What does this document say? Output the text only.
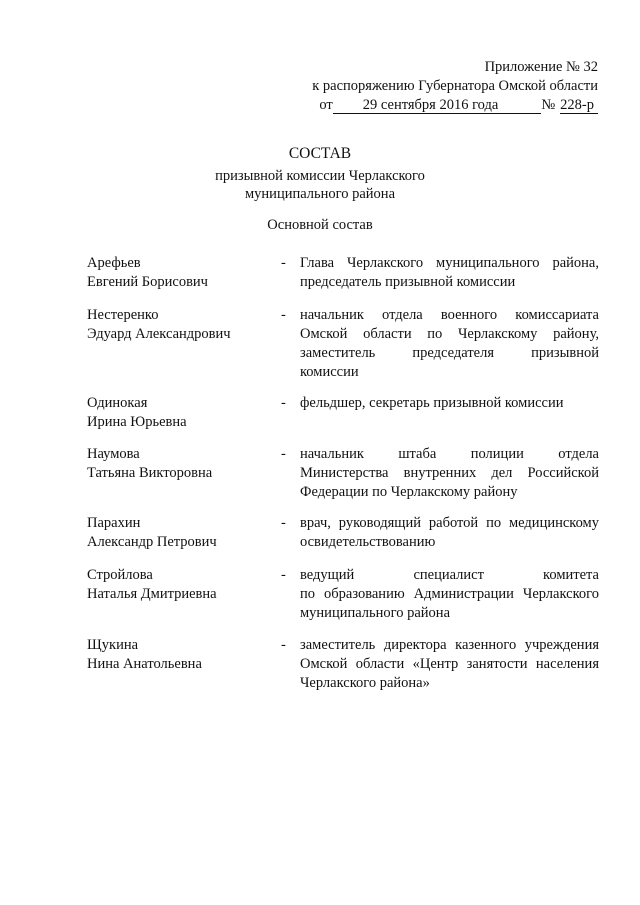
Приложение № 32
к распоряжению Губернатора Омской области
от 29 сентября 2016 года	№ 228-р
СОСТАВ
призывной комиссии Черлакского
муниципального района
Основной состав
Арефьев
Евгений Борисович
- Глава Черлакского муниципального района,
председатель призывной комиссии
Нестеренко
Эдуард Александрович
- начальник отдела военного комиссариата
Омской области по Черлакскому району,
заместитель председателя призывной
комиссии
Одинокая
Ирина Юрьевна
- фельдшер, секретарь призывной комиссии
Наумова
Татьяна Викторовна
- начальник штаба полиции отдела
Министерства внутренних дел Российской
Федерации по Черлакскому району
Парахин
Александр Петрович
- врач, руководящий работой по медицинскому
освидетельствованию
Стройлова
Наталья Дмитриевна
- ведущий специалист комитета
по образованию Администрации Черлакского
муниципального района
Щукина
Нина Анатольевна
- заместитель директора казенного учреждения
Омской области «Центр занятости населения
Черлакского района»
